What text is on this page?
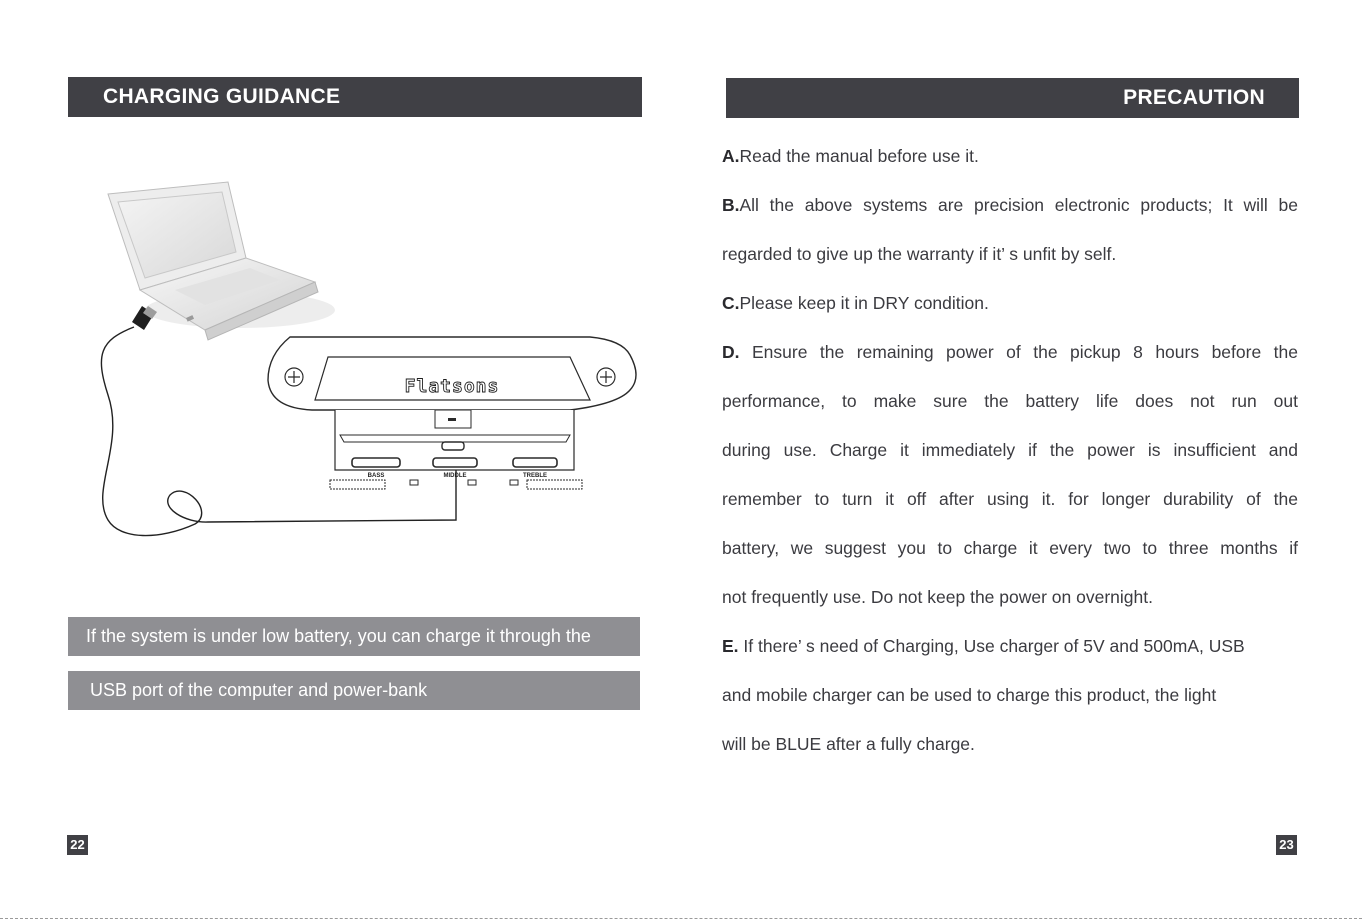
CHARGING GUIDANCE
Flatsons
BASS	MIDDLE	TREBLE
If the system is under low battery, you can charge it through the
USB port of the computer and power-bank
22
PRECAUTION
A.Read the manual before use it.
B.All the above systems are precision electronic products; It will be
regarded to give up the warranty if it’ s unfit by self.
C.Please keep it in DRY condition.
D. Ensure the remaining power of the pickup 8 hours before the
performance, to make sure the battery life does not run out
during use. Charge it immediately if the power is insufficient and
remember to turn it off after using it. for longer durability of the
battery, we suggest you to charge it every two to three months if
not frequently use. Do not keep the power on overnight.
E. If there’ s need of Charging, Use charger of 5V and 500mA, USB
and mobile charger can be used to charge this product, the light
will be BLUE after a fully charge.
23
